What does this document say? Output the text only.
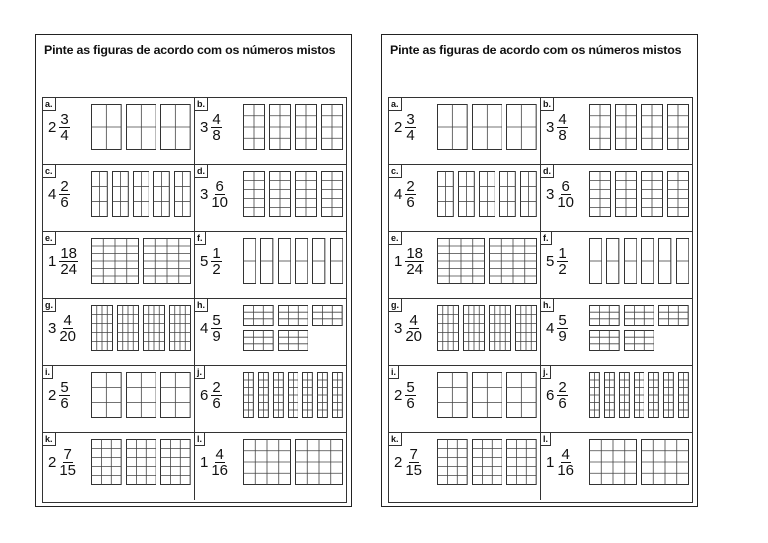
Pinte as figuras de acordo com os números mistos
a.
$2 \frac{3}{4}$
b.
$3 \frac{4}{8}$
c.
$4 \frac{2}{6}$
d.
$3 \frac{6}{10}$
e.
$1 \frac{18}{24}$
f.
$5 \frac{1}{2}$
g.
$3 \frac{4}{20}$
h.
$4 \frac{5}{9}$
i.
$2 \frac{5}{6}$
j.
$6 \frac{2}{6}$
k.
$2 \frac{7}{15}$
l.
$1 \frac{4}{16}$
Pinte as figuras de acordo com os números mistos
a.
$2 \frac{3}{4}$
b.
$3 \frac{4}{8}$
c.
$4 \frac{2}{6}$
d.
$3 \frac{6}{10}$
e.
$1 \frac{18}{24}$
f.
$5 \frac{1}{2}$
g.
$3 \frac{4}{20}$
h.
$4 \frac{5}{9}$
i.
$2 \frac{5}{6}$
j.
$6 \frac{2}{6}$
k.
$2 \frac{7}{15}$
l.
$1 \frac{4}{16}$
